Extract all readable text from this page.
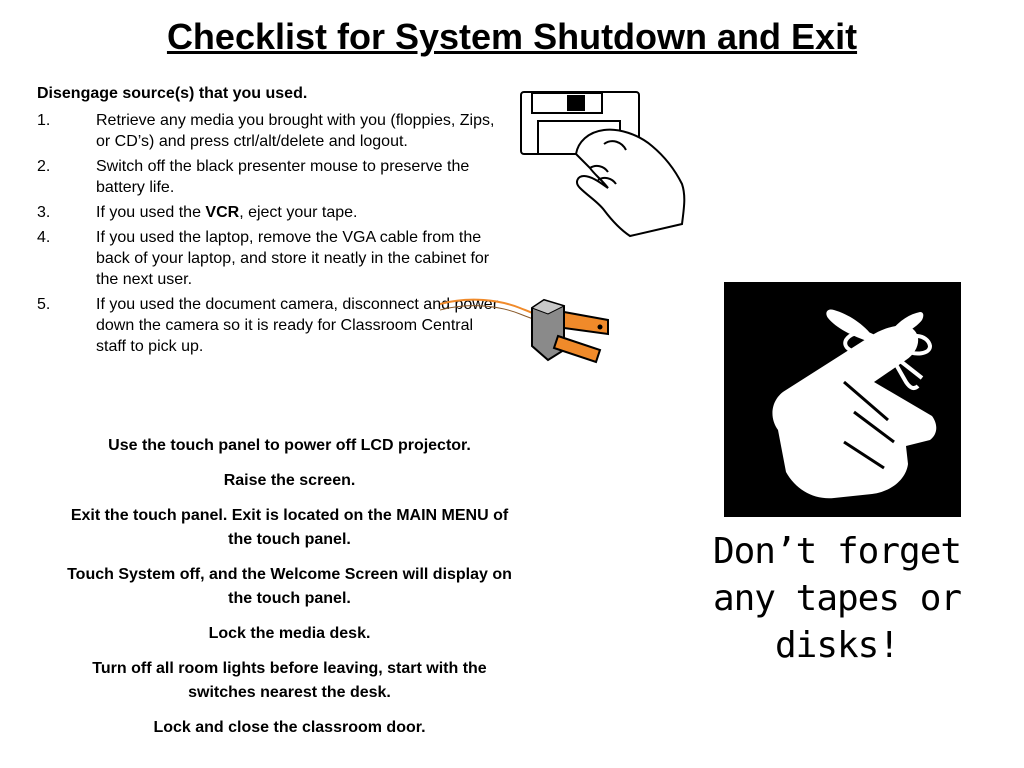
Checklist for System Shutdown and Exit

Disengage source(s) that you used.

1.	Retrieve any media you brought with you (floppies, Zips, or CD’s) and press ctrl/alt/delete and logout.
2.	Switch off the black presenter mouse to preserve the battery life.
3.	If you used the VCR, eject your tape.
4.	If you used the laptop, remove the VGA cable from the back of your laptop, and store it neatly in the cabinet for the next user.
5.	If you used the document camera, disconnect and power down the camera so it is ready for Classroom Central staff to pick up.
Use the touch panel to power off LCD projector.
Raise the screen.
Exit the touch panel. Exit is located on the MAIN MENU of the touch panel.
Touch System off, and the Welcome Screen will display on the touch panel.
Lock the media desk.
Turn off all room lights before leaving, start with the switches nearest the desk.
Lock and close the classroom door.
Don’t forget any tapes or disks!
